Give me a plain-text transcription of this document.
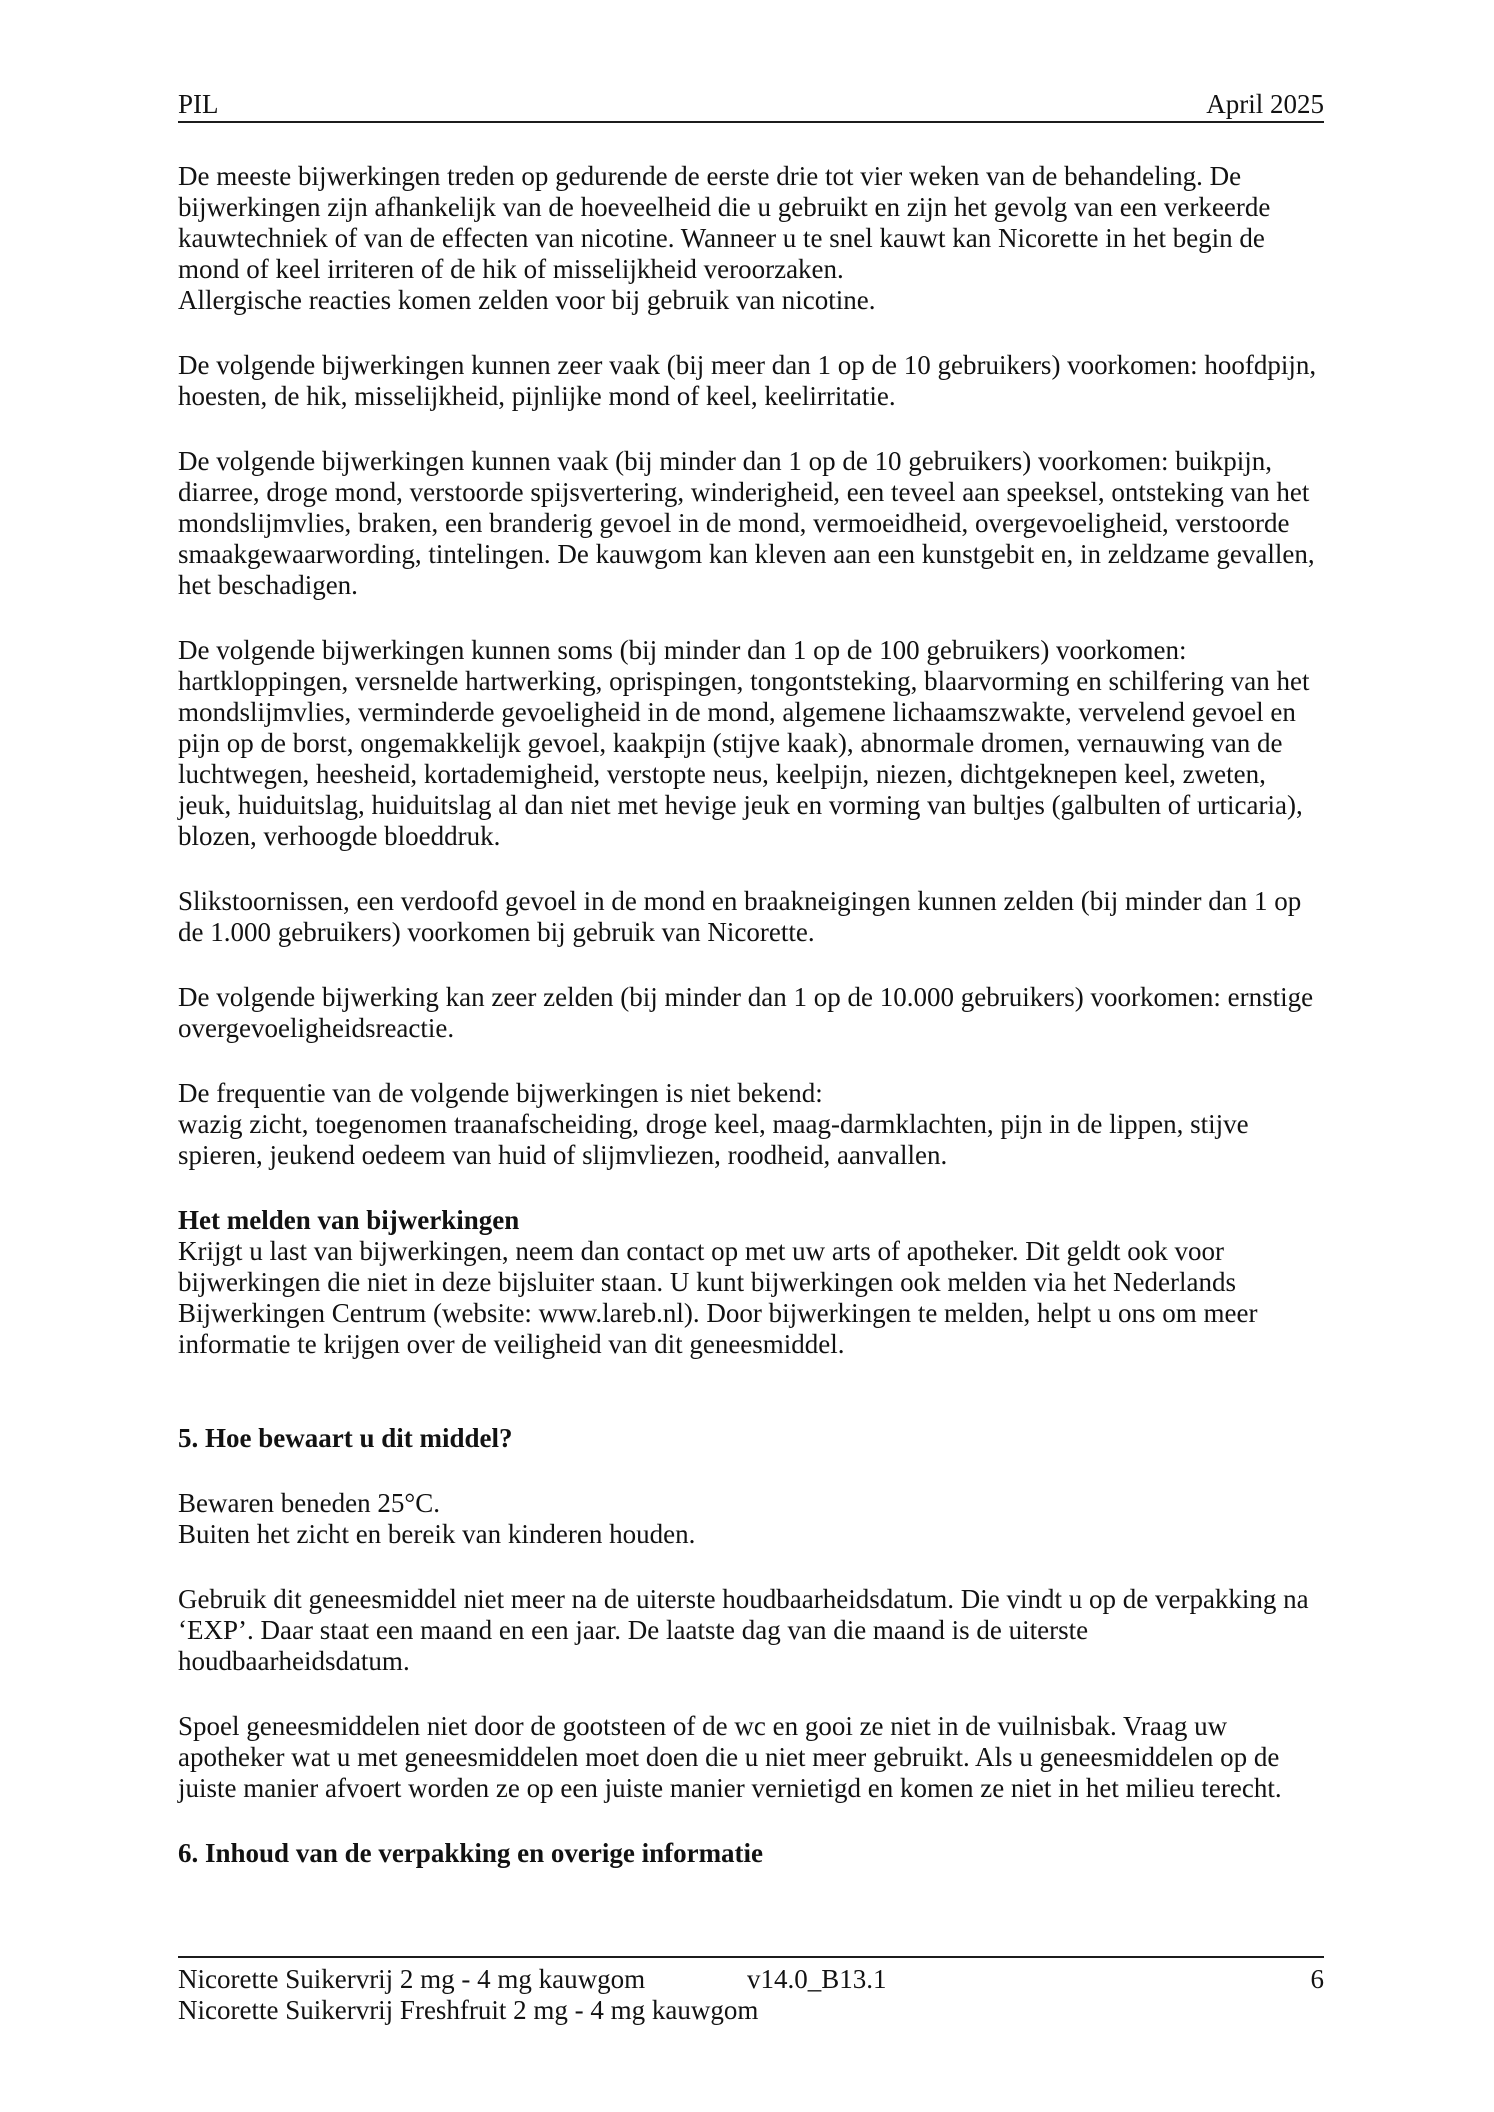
PIL	April 2025

De meeste bijwerkingen treden op gedurende de eerste drie tot vier weken van de behandeling. De bijwerkingen zijn afhankelijk van de hoeveelheid die u gebruikt en zijn het gevolg van een verkeerde kauwtechniek of van de effecten van nicotine. Wanneer u te snel kauwt kan Nicorette in het begin de mond of keel irriteren of de hik of misselijkheid veroorzaken.

Allergische reacties komen zelden voor bij gebruik van nicotine.

De volgende bijwerkingen kunnen zeer vaak (bij meer dan 1 op de 10 gebruikers) voorkomen: hoofdpijn, hoesten, de hik, misselijkheid, pijnlijke mond of keel, keelirritatie.

De volgende bijwerkingen kunnen vaak (bij minder dan 1 op de 10 gebruikers) voorkomen: buikpijn, diarree, droge mond, verstoorde spijsvertering, winderigheid, een teveel aan speeksel, ontsteking van het mondslijmvlies, braken, een branderig gevoel in de mond, vermoeidheid, overgevoeligheid, verstoorde smaakgewaarwording, tintelingen. De kauwgom kan kleven aan een kunstgebit en, in zeldzame gevallen, het beschadigen.

De volgende bijwerkingen kunnen soms (bij minder dan 1 op de 100 gebruikers) voorkomen: hartkloppingen, versnelde hartwerking, oprispingen, tongontsteking, blaarvorming en schilfering van het mondslijmvlies, verminderde gevoeligheid in de mond, algemene lichaamszwakte, vervelend gevoel en pijn op de borst, ongemakkelijk gevoel, kaakpijn (stijve kaak), abnormale dromen, vernauwing van de luchtwegen, heesheid, kortademigheid, verstopte neus, keelpijn, niezen, dichtgeknepen keel, zweten, jeuk, huiduitslag, huiduitslag al dan niet met hevige jeuk en vorming van bultjes (galbulten of urticaria), blozen, verhoogde bloeddruk.

Slikstoornissen, een verdoofd gevoel in de mond en braakneigingen kunnen zelden (bij minder dan 1 op de 1.000 gebruikers) voorkomen bij gebruik van Nicorette.

De volgende bijwerking kan zeer zelden (bij minder dan 1 op de 10.000 gebruikers) voorkomen: ernstige overgevoeligheidsreactie.

De frequentie van de volgende bijwerkingen is niet bekend:

wazig zicht, toegenomen traanafscheiding, droge keel, maag-darmklachten, pijn in de lippen, stijve spieren, jeukend oedeem van huid of slijmvliezen, roodheid, aanvallen.

Het melden van bijwerkingen

Krijgt u last van bijwerkingen, neem dan contact op met uw arts of apotheker. Dit geldt ook voor bijwerkingen die niet in deze bijsluiter staan. U kunt bijwerkingen ook melden via het Nederlands Bijwerkingen Centrum (website: www.lareb.nl). Door bijwerkingen te melden, helpt u ons om meer informatie te krijgen over de veiligheid van dit geneesmiddel.

5. Hoe bewaart u dit middel?

Bewaren beneden 25°C.

Buiten het zicht en bereik van kinderen houden.

Gebruik dit geneesmiddel niet meer na de uiterste houdbaarheidsdatum. Die vindt u op de verpakking na ‘EXP’. Daar staat een maand en een jaar. De laatste dag van die maand is de uiterste houdbaarheidsdatum.

Spoel geneesmiddelen niet door de gootsteen of de wc en gooi ze niet in de vuilnisbak. Vraag uw apotheker wat u met geneesmiddelen moet doen die u niet meer gebruikt. Als u geneesmiddelen op de juiste manier afvoert worden ze op een juiste manier vernietigd en komen ze niet in het milieu terecht.

6. Inhoud van de verpakking en overige informatie

Nicorette Suikervrij 2 mg - 4 mg kauwgom	v14.0_B13.1	6
Nicorette Suikervrij Freshfruit 2 mg - 4 mg kauwgom
